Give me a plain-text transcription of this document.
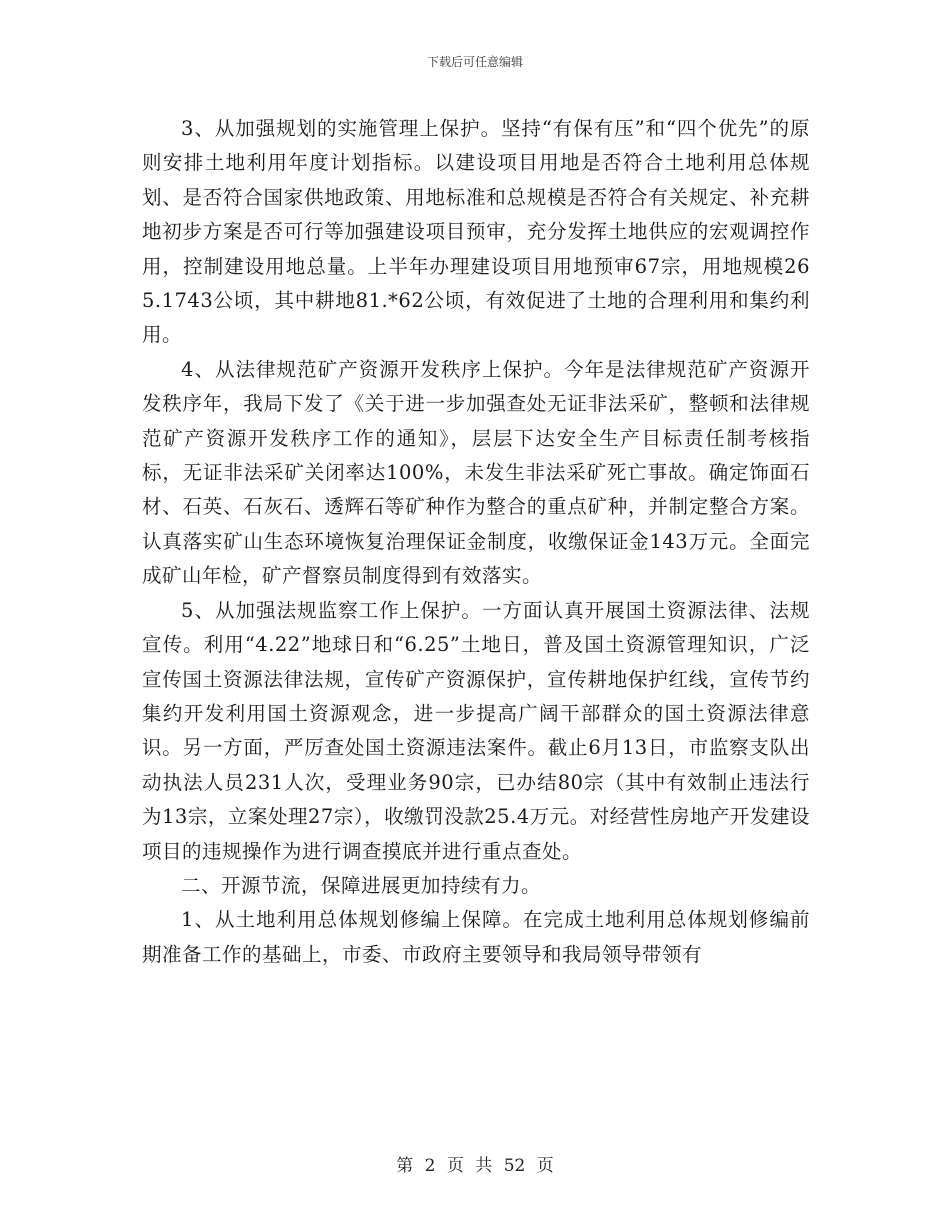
下载后可任意编辑

3、从加强规划的实施管理上保护。坚持“有保有压”和“四个优先”的原则安排土地利用年度计划指标。以建设项目用地是否符合土地利用总体规划、是否符合国家供地政策、用地标准和总规模是否符合有关规定、补充耕地初步方案是否可行等加强建设项目预审，充分发挥土地供应的宏观调控作用，控制建设用地总量。上半年办理建设项目用地预审67宗，用地规模265.1743公顷，其中耕地81.*62公顷，有效促进了土地的合理利用和集约利用。

4、从法律规范矿产资源开发秩序上保护。今年是法律规范矿产资源开发秩序年，我局下发了《关于进一步加强查处无证非法采矿，整顿和法律规范矿产资源开发秩序工作的通知》，层层下达安全生产目标责任制考核指标，无证非法采矿关闭率达100%，未发生非法采矿死亡事故。确定饰面石材、石英、石灰石、透辉石等矿种作为整合的重点矿种，并制定整合方案。认真落实矿山生态环境恢复治理保证金制度，收缴保证金143万元。全面完成矿山年检，矿产督察员制度得到有效落实。

5、从加强法规监察工作上保护。一方面认真开展国土资源法律、法规宣传。利用“4.22”地球日和“6.25”土地日，普及国土资源管理知识，广泛宣传国土资源法律法规，宣传矿产资源保护，宣传耕地保护红线，宣传节约集约开发利用国土资源观念，进一步提高广阔干部群众的国土资源法律意识。另一方面，严厉查处国土资源违法案件。截止6月13日，市监察支队出动执法人员231人次，受理业务90宗，已办结80宗（其中有效制止违法行为13宗，立案处理27宗），收缴罚没款25.4万元。对经营性房地产开发建设项目的违规操作为进行调查摸底并进行重点查处。

二、开源节流，保障进展更加持续有力。

1、从土地利用总体规划修编上保障。在完成土地利用总体规划修编前期准备工作的基础上，市委、市政府主要领导和我局领导带领有

第 2 页 共 52 页
